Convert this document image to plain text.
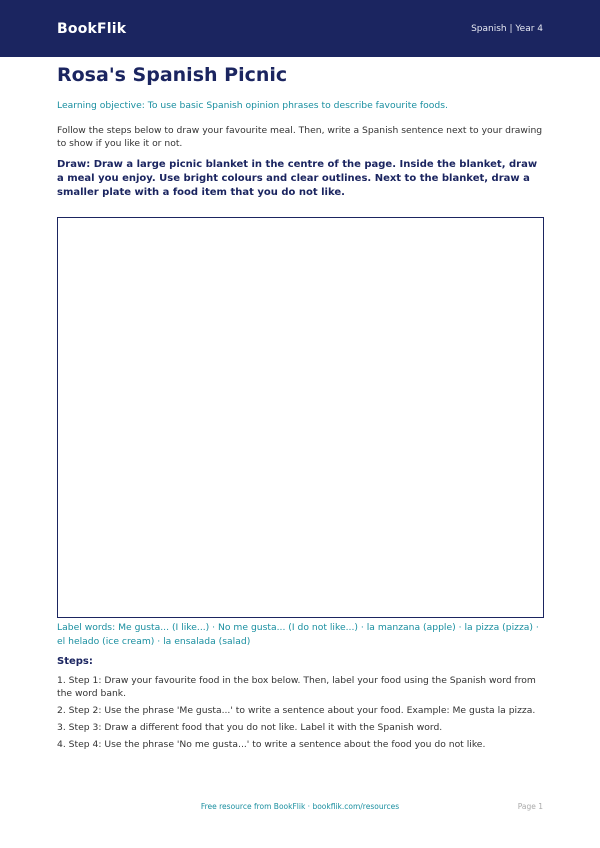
BookFlik	Spanish | Year 4
Rosa's Spanish Picnic

Learning objective: To use basic Spanish opinion phrases to describe favourite foods.

Follow the steps below to draw your favourite meal. Then, write a Spanish sentence next to your drawing to show if you like it or not.

Draw: Draw a large picnic blanket in the centre of the page. Inside the blanket, draw a meal you enjoy. Use bright colours and clear outlines. Next to the blanket, draw a smaller plate with a food item that you do not like.

Label words: Me gusta... (I like...) · No me gusta... (I do not like...) · la manzana (apple) · la pizza (pizza) · el helado (ice cream) · la ensalada (salad)

Steps:
1. Step 1: Draw your favourite food in the box below. Then, label your food using the Spanish word from the word bank.
2. Step 2: Use the phrase 'Me gusta...' to write a sentence about your food. Example: Me gusta la pizza.
3. Step 3: Draw a different food that you do not like. Label it with the Spanish word.
4. Step 4: Use the phrase 'No me gusta...' to write a sentence about the food you do not like.
Free resource from BookFlik · bookflik.com/resources	Page 1
